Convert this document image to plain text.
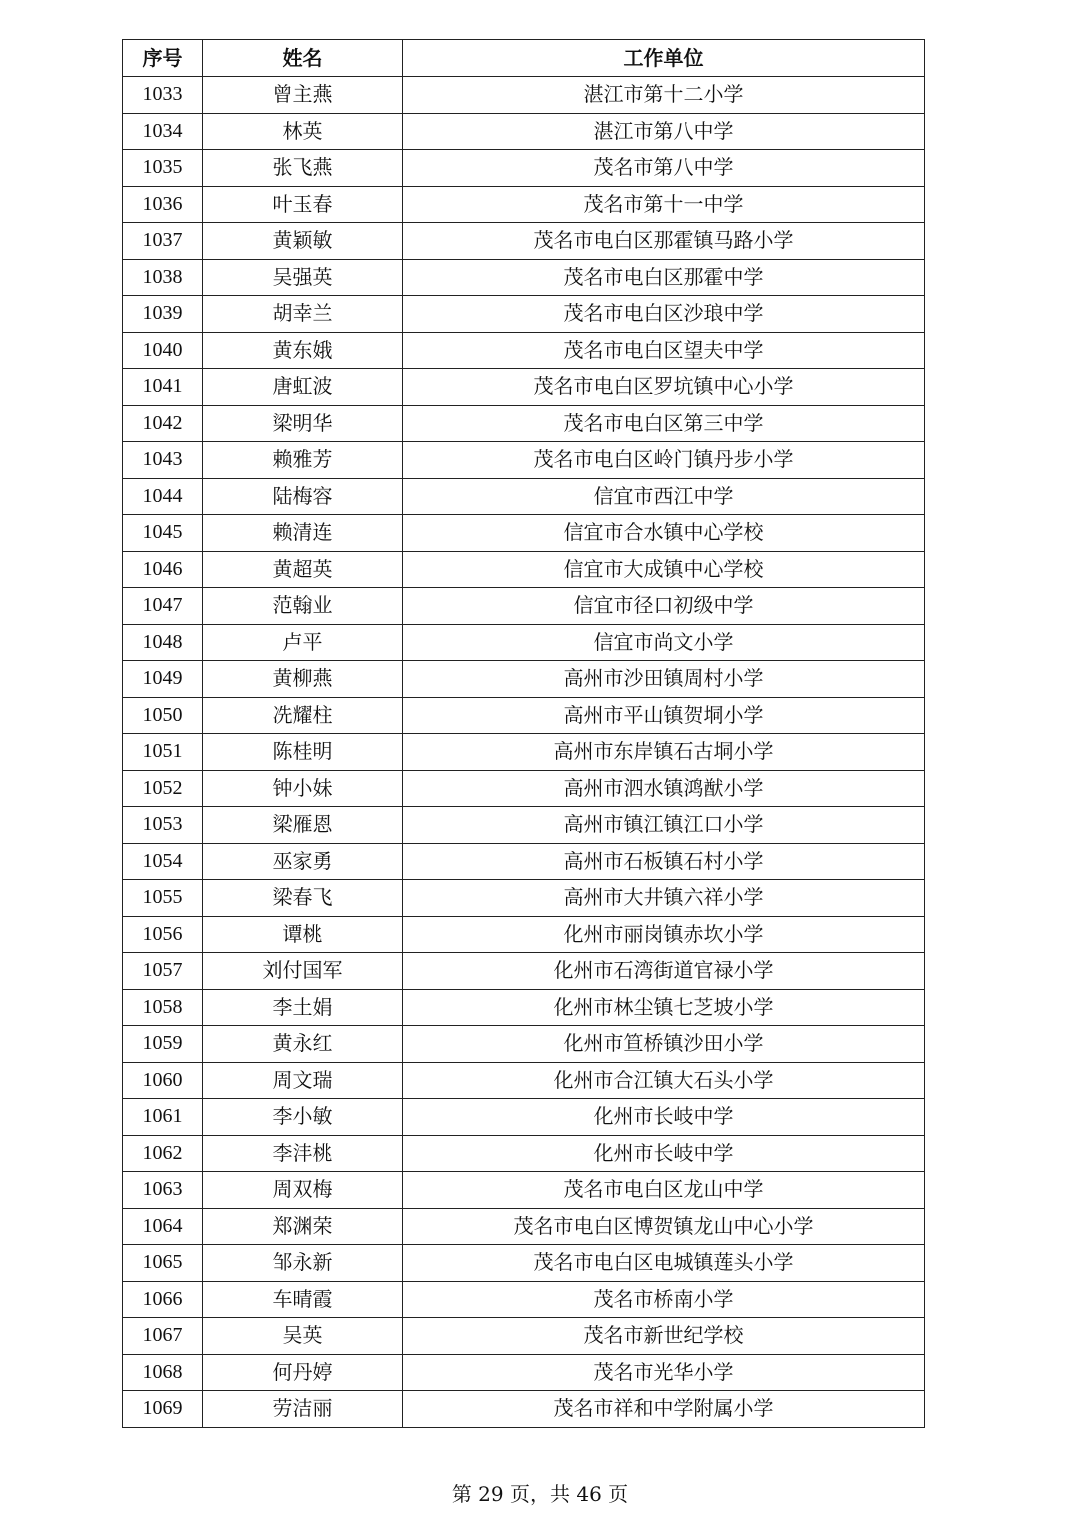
序号	姓名	工作单位
1033	曾主燕	湛江市第十二小学
1034	林英	湛江市第八中学
1035	张飞燕	茂名市第八中学
1036	叶玉春	茂名市第十一中学
1037	黄颖敏	茂名市电白区那霍镇马路小学
1038	吴强英	茂名市电白区那霍中学
1039	胡幸兰	茂名市电白区沙琅中学
1040	黄东娥	茂名市电白区望夫中学
1041	唐虹波	茂名市电白区罗坑镇中心小学
1042	梁明华	茂名市电白区第三中学
1043	赖雅芳	茂名市电白区岭门镇丹步小学
1044	陆梅容	信宜市西江中学
1045	赖清连	信宜市合水镇中心学校
1046	黄超英	信宜市大成镇中心学校
1047	范翰业	信宜市径口初级中学
1048	卢平	信宜市尚文小学
1049	黄柳燕	高州市沙田镇周村小学
1050	冼耀柱	高州市平山镇贺垌小学
1051	陈桂明	高州市东岸镇石古垌小学
1052	钟小妹	高州市泗水镇鸿猷小学
1053	梁雁恩	高州市镇江镇江口小学
1054	巫家勇	高州市石板镇石村小学
1055	梁春飞	高州市大井镇六祥小学
1056	谭桃	化州市丽岗镇赤坎小学
1057	刘付国军	化州市石湾街道官禄小学
1058	李土娟	化州市林尘镇七芝坡小学
1059	黄永红	化州市笪桥镇沙田小学
1060	周文瑞	化州市合江镇大石头小学
1061	李小敏	化州市长岐中学
1062	李沣桃	化州市长岐中学
1063	周双梅	茂名市电白区龙山中学
1064	郑渊荣	茂名市电白区博贺镇龙山中心小学
1065	邹永新	茂名市电白区电城镇莲头小学
1066	车晴霞	茂名市桥南小学
1067	吴英	茂名市新世纪学校
1068	何丹婷	茂名市光华小学
1069	劳洁丽	茂名市祥和中学附属小学
第 29 页，共 46 页
